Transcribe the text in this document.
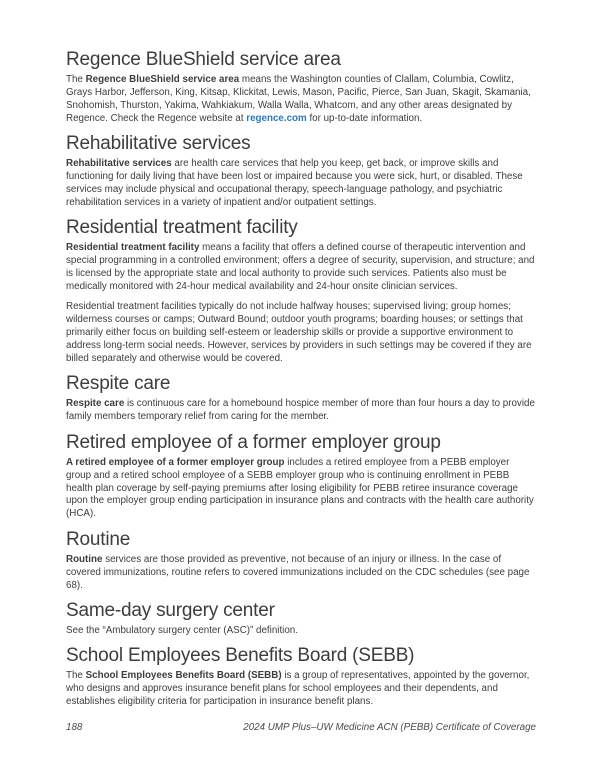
Regence BlueShield service area

The Regence BlueShield service area means the Washington counties of Clallam, Columbia, Cowlitz, Grays Harbor, Jefferson, King, Kitsap, Klickitat, Lewis, Mason, Pacific, Pierce, San Juan, Skagit, Skamania, Snohomish, Thurston, Yakima, Wahkiakum, Walla Walla, Whatcom, and any other areas designated by Regence. Check the Regence website at regence.com for up-to-date information.

Rehabilitative services

Rehabilitative services are health care services that help you keep, get back, or improve skills and functioning for daily living that have been lost or impaired because you were sick, hurt, or disabled. These services may include physical and occupational therapy, speech-language pathology, and psychiatric rehabilitation services in a variety of inpatient and/or outpatient settings.

Residential treatment facility

Residential treatment facility means a facility that offers a defined course of therapeutic intervention and special programming in a controlled environment; offers a degree of security, supervision, and structure; and is licensed by the appropriate state and local authority to provide such services. Patients also must be medically monitored with 24-hour medical availability and 24-hour onsite clinician services.

Residential treatment facilities typically do not include halfway houses; supervised living; group homes; wilderness courses or camps; Outward Bound; outdoor youth programs; boarding houses; or settings that primarily either focus on building self-esteem or leadership skills or provide a supportive environment to address long-term social needs. However, services by providers in such settings may be covered if they are billed separately and otherwise would be covered.

Respite care

Respite care is continuous care for a homebound hospice member of more than four hours a day to provide family members temporary relief from caring for the member.

Retired employee of a former employer group

A retired employee of a former employer group includes a retired employee from a PEBB employer group and a retired school employee of a SEBB employer group who is continuing enrollment in PEBB health plan coverage by self-paying premiums after losing eligibility for PEBB retiree insurance coverage upon the employer group ending participation in insurance plans and contracts with the health care authority (HCA).

Routine

Routine services are those provided as preventive, not because of an injury or illness. In the case of covered immunizations, routine refers to covered immunizations included on the CDC schedules (see page 68).

Same-day surgery center

See the “Ambulatory surgery center (ASC)” definition.

School Employees Benefits Board (SEBB)

The School Employees Benefits Board (SEBB) is a group of representatives, appointed by the governor, who designs and approves insurance benefit plans for school employees and their dependents, and establishes eligibility criteria for participation in insurance benefit plans.

188	2024 UMP Plus–UW Medicine ACN (PEBB) Certificate of Coverage
